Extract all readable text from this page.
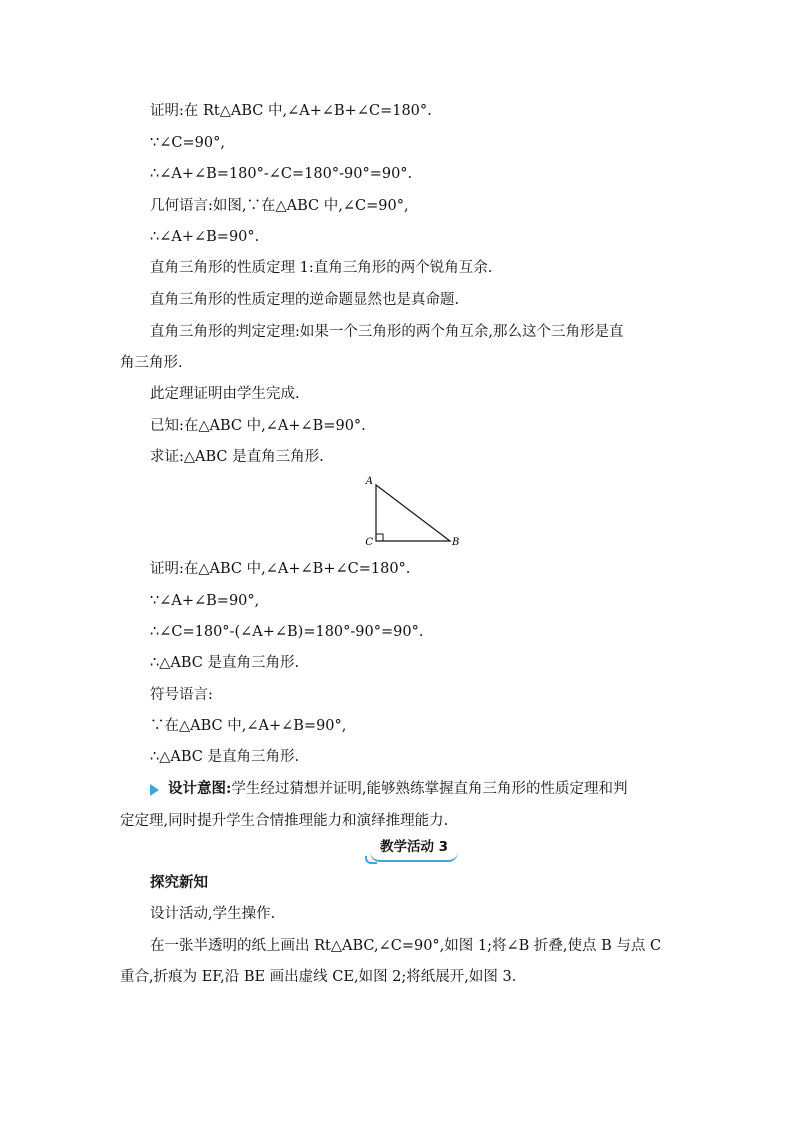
证明:在 Rt△ABC 中,∠A+∠B+∠C=180°.
∵∠C=90°,
∴∠A+∠B=180°-∠C=180°-90°=90°.
几何语言:如图,∵在△ABC 中,∠C=90°,
∴∠A+∠B=90°.
直角三角形的性质定理 1:直角三角形的两个锐角互余.
直角三角形的性质定理的逆命题显然也是真命题.
直角三角形的判定定理:如果一个三角形的两个角互余,那么这个三角形是直
角三角形.
此定理证明由学生完成.
已知:在△ABC 中,∠A+∠B=90°.
求证:△ABC 是直角三角形.
A
C	B
证明:在△ABC 中,∠A+∠B+∠C=180°.
∵∠A+∠B=90°,
∴∠C=180°-(∠A+∠B)=180°-90°=90°.
∴△ABC 是直角三角形.
符号语言:
∵在△ABC 中,∠A+∠B=90°,
∴△ABC 是直角三角形.
设计意图:学生经过猜想并证明,能够熟练掌握直角三角形的性质定理和判
定定理,同时提升学生合情推理能力和演绎推理能力.
教学活动 3
探究新知
设计活动,学生操作.
在一张半透明的纸上画出 Rt△ABC,∠C=90°,如图 1;将∠B 折叠,使点 B 与点 C
重合,折痕为 EF,沿 BE 画出虚线 CE,如图 2;将纸展开,如图 3.
